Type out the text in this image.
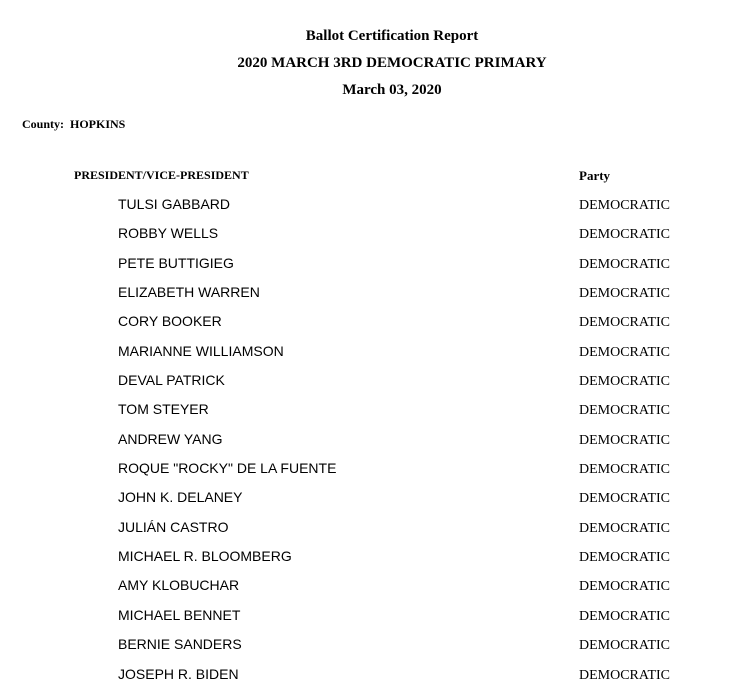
Ballot Certification Report
2020 MARCH 3RD DEMOCRATIC PRIMARY
March 03, 2020
County: HOPKINS
PRESIDENT/VICE-PRESIDENT	Party
TULSI GABBARD	DEMOCRATIC
ROBBY WELLS	DEMOCRATIC
PETE BUTTIGIEG	DEMOCRATIC
ELIZABETH WARREN	DEMOCRATIC
CORY BOOKER	DEMOCRATIC
MARIANNE WILLIAMSON	DEMOCRATIC
DEVAL PATRICK	DEMOCRATIC
TOM STEYER	DEMOCRATIC
ANDREW YANG	DEMOCRATIC
ROQUE "ROCKY" DE LA FUENTE	DEMOCRATIC
JOHN K. DELANEY	DEMOCRATIC
JULIÁN CASTRO	DEMOCRATIC
MICHAEL R. BLOOMBERG	DEMOCRATIC
AMY KLOBUCHAR	DEMOCRATIC
MICHAEL BENNET	DEMOCRATIC
BERNIE SANDERS	DEMOCRATIC
JOSEPH R. BIDEN	DEMOCRATIC
